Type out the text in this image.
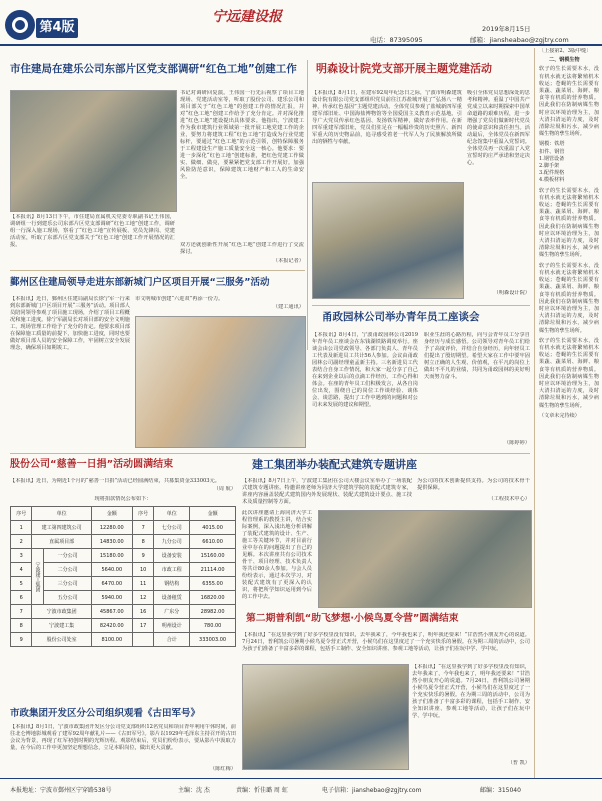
第4版
宁远建设报
2019年8月15日
电话：87395095	邮箱：jiansheabao@zgjtry.com
市住建局在建乐公司东部片区党支部调研“红色工地”创建工作
【本报讯】8月13日下午，市住建局直属机关党委专职副书记王伟国，调研组一行到建乐公司东部片区党支部调研“红色工地”创建工作，调研组一行深入施工现场，察看了“红色工地”宣传展板、党员先锋岗、党建活动室，听取了东部片区党支部关于“红色工地”创建工作开展情况的汇报。
书记对调研回复演。王伟国一行先后视察了项目工地现场、党建活动室等，听取了股份公司、建乐公司和项目部关于“红色工地”的创建工作的情况汇报，并对“红色工地”创建工作给予了充分肯定。并对深化推进“红色工地”建设提出具体要求。他指出，宁波建工作为我市建筑行业领域第一批开展工地党建工作的企业，要努力将建筑工程“红色工地”打造成为行业党建标杆，要通过“红色工地”的示范引领，创特保障服务于工程建设生产施工质量安全这一核心。他要求：要进一步深化“红色工地”创建标准，把红色党建工作做实、做细、做亮，要紧紧把党支部工作开展好。加强风险防范意识，保障建筑工地财产和工人的生命安全。
双方还就创新性开展“红色工地”创建工作进行了交流探讨。
（本报记者）
明森设计院党支部开展主题党建活动
【本报讯】8月1日，在建军92周年纪念日之际，宁波市明森建筑设计院有限公司党支部组织党员前往江苏盐城开展了“弘扬八一精神，传承红色基因”主题党建活动。全体党员参观了盐城新四军重建军部旧址、中国海盐博物馆等全国爱国主义教育示范基地。引导广大党员传承红色基因、发扬铁军精神，做好表率作用。在新四军重建军部旧址，党员们驻足在一幅幅珍贵的历史照片、新四军重大的历史物品前，追寻感受着老一代军人为了民族解放所做出的牺牲与奉献。
吸引全体党员思想深处的思考和精神。重温了中国共产党成立以来时期探索中国革命道路的艰难历程，进一步增强了党员们做新时代党员的使命意识和责任担当。活动最后，全体党员在新四军纪念馆集中重温入党誓词。全体党员再一次重温了入党宣誓时的庄严承诺和坚定决心。
（明森设计院）
鄞州区住建局领导走进东部新城门户区项目开展“三服务”活动
【本报讯】近日，鄞州区住建局副局长徐宁军一行来到东部新城门户区项目开展“三服务”活动。项目部人员陪同领导参观了项目施工现场，介绍了项目工程概况和施工进度。徐宁军副局长对项目部的安全文明施工、现场管理工作给予了充分的肯定。他要求项目部在保障施工质量的前提下，加快施工进度，同时也要做好项目部人员的安全保障工作，牢固树立安全发展理念，确保项目如期竣工。
市文明城市创建“六进双”再添一份力。
（建工通讯）
甬政园林公司举办青年员工座谈会
【本报讯】8月4日，宁波甬政园林公司2019年青年员工座谈会在东钱湖铁路调度举行。座谈会由公司党政领导、各部门负责人、青年员工代表及新进员工共计56人参加。会议由甬政园林公司副经理童孟新主持。三名新进员工代表结合自身工作情况，和大家一起分享了自己在来到企业以后的点滴工作经历，工作心得和体会。在座的青年员工们积极发言，从各自岗位出发，围绕自己的岗位工作谈经验、谈体会、谈思路，提出了工作中遇到的问题和对公司未来发展的建议和期望。
职业生涯的心路历程，向与会青年员工分享自身经历与成长感悟。公司领导对青年员工们给予了高度评价，并结合自身经历，向年轻员工们提出了殷切期望。希望大家在工作中要牢固树立正确的人生观、价值观，在平凡的岗位上做出不平凡的业绩，共同为甬政园林的美好明天而努力奋斗。
（陈婷婷）
股份公司“慈善一日捐”活动圆满结束
【本报讯】近日，为期近1个月的“慈善一日捐”活动已经圆满结束，共募集资金333003元。
（周 航）
现将捐款情况公布如下：
序号	单位		金额	序号	单位	金额
1	建工第四建筑公司		12280.00	7	七分公司	4015.00
2	直属项目部		14830.00	8	九分公司	6610.00
3	宁波建工集团	一分公司	15180.00	9	设备安装	15160.00
4		二分公司	5640.00	10	市政工程	21114.00
5		三分公司	6470.00	11	钢结构	6355.00
6		五分公司	5940.00	12	设备租赁	16820.00
7	宁波市政集团		45867.00	16	广东分	28982.00
8	宁波建工集		82420.00	17	明州设计	780.00
9	股份公司处室		8100.00		合计	333003.00
建工集团举办装配式建筑专题讲座
【本报讯】8月7日上午，宁波建工集团在公司大楼会议室举办了一场装配式建筑专题讲座。特邀讲座老师为同济大学建筑学院的装配式建筑专家，讲座内容涵盖装配式建筑国内外发展现状、装配式建筑设计要点、施工技术及质量控制等方面。
为公司的技术创新提供支持。为公司的技术骨干提供保障。
（工程技术中心）
此次讲座邀请上海同济大学工程管理系的教授主讲，结合实际案例，深入浅出地分析讲解了装配式建筑的设计、生产、施工等关键环节，并对目前行业中存在的问题提出了自己的见解。本次讲座共有公司技术骨干、项目经理、技术负责人等共计80余人参加。与会人员纷纷表示，通过本次学习，对装配式建筑有了更深入的认识，将把所学知识运用到今后的工作中去。
第二期普利凯“助飞梦想·小候鸟夏令营”圆满结束
【本报讯】“在这里我学到了好多学校里没有知识，去年我来了，今年我也来了，明年我还要来！”甘浩然小朋友开心的说道。7月24日，普利凯公司暑期小候鸟夏令营正式开营，小候鸟们在这里度过了一个充实快乐的暑假。在为期三周的活动中，公司为孩子们准备了丰富多彩的课程，包括手工制作、安全知识讲座、参观工地等活动，让孩子们在玩中学、学中玩。
【本报讯】“在这里我学到了好多学校里没有知识，去年我来了，今年我也来了，明年我还要来！”甘浩然小朋友开心的说道。7月24日，普利凯公司暑期小候鸟夏令营正式开营，小候鸟们在这里度过了一个充实快乐的暑假。在为期三周的活动中，公司为孩子们准备了丰富多彩的课程，包括手工制作、安全知识讲座、参观工地等活动，让孩子们在玩中学、学中玩。
（普 凯）
市政集团开发区分公司组织观看《古田军号》
【本报讯】8月1日，宁波市政集团开发区分公司党支部组织12名党员和项目青年利用午休时间，前往北仑博地影城观看了建军92周年献礼片——《古田军号》。影片以1929年毛泽东主持召开的古田会议为背景，再现了红军初创时期的光辉历程。观影结束后，党员们纷纷表示，要从影片中汲取力量，在今后的工作中更加坚定理想信念，立足本职岗位，做出更大贡献。
（陈红梅）
〔上接第2、3版中缝〕
二、钢模生物
软子的生长需要木水，没有机水就无法将繁殖机木收运；苍蝇的生长需要有果蔬、蔬菜屑、海鲜、粮食等有机质的营养物质。因此我们在防制病媒生物时应以环境治理为主，加大清扫清运的力度，及时清除垃圾和污水，减少病媒生物的孳生场所。
钢模：铁塔
扣件、钢管
1.钢管设备
2.脚手架
3.配件规格
4.模板材料
软子的生长需要木水，没有机水就无法将繁殖机木收运；苍蝇的生长需要有果蔬、蔬菜屑、海鲜、粮食等有机质的营养物质。因此我们在防制病媒生物时应以环境治理为主，加大清扫清运的力度，及时清除垃圾和污水，减少病媒生物的孳生场所。
软子的生长需要木水，没有机水就无法将繁殖机木收运；苍蝇的生长需要有果蔬、蔬菜屑、海鲜、粮食等有机质的营养物质。因此我们在防制病媒生物时应以环境治理为主，加大清扫清运的力度，及时清除垃圾和污水，减少病媒生物的孳生场所。
软子的生长需要木水，没有机水就无法将繁殖机木收运；苍蝇的生长需要有果蔬、蔬菜屑、海鲜、粮食等有机质的营养物质。因此我们在防制病媒生物时应以环境治理为主，加大清扫清运的力度，及时清除垃圾和污水，减少病媒生物的孳生场所。
（文章未完待续）
本报地址：宁波市鄞州区宁穿路538号	主编：沈 杰	责编：忻佳璐 周 虹	电子信箱：jianshebao@zgjtry.com	邮编：315040
